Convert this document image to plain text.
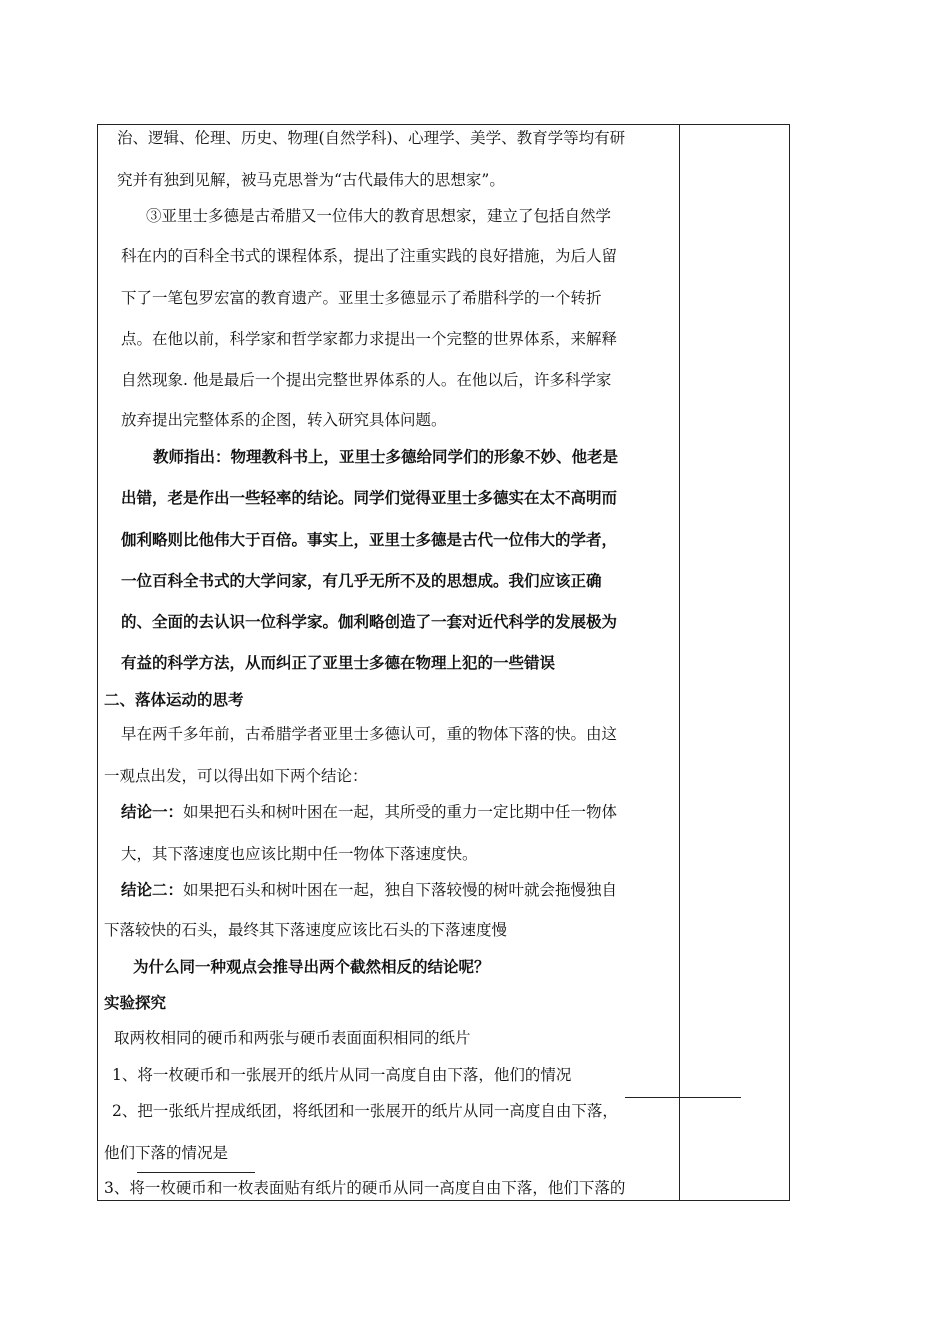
治、逻辑、伦理、历史、物理(自然学科)、心理学、美学、教育学等均有研
究并有独到见解，被马克思誉为“古代最伟大的思想家”。
③亚里士多德是古希腊又一位伟大的教育思想家，建立了包括自然学
科在内的百科全书式的课程体系，提出了注重实践的良好措施，为后人留
下了一笔包罗宏富的教育遗产。亚里士多德显示了希腊科学的一个转折
点。在他以前，科学家和哲学家都力求提出一个完整的世界体系，来解释
自然现象. 他是最后一个提出完整世界体系的人。在他以后，许多科学家
放弃提出完整体系的企图，转入研究具体问题。
教师指出：物理教科书上，亚里士多德给同学们的形象不妙、他老是
出错，老是作出一些轻率的结论。同学们觉得亚里士多德实在太不高明而
伽利略则比他伟大于百倍。事实上，亚里士多德是古代一位伟大的学者，
一位百科全书式的大学问家，有几乎无所不及的思想成。我们应该正确
的、全面的去认识一位科学家。伽利略创造了一套对近代科学的发展极为
有益的科学方法，从而纠正了亚里士多德在物理上犯的一些错误
二、落体运动的思考
早在两千多年前，古希腊学者亚里士多德认可，重的物体下落的快。由这
一观点出发，可以得出如下两个结论：
结论一：如果把石头和树叶困在一起，其所受的重力一定比期中任一物体
大，其下落速度也应该比期中任一物体下落速度快。
结论二：如果把石头和树叶困在一起，独自下落较慢的树叶就会拖慢独自
下落较快的石头，最终其下落速度应该比石头的下落速度慢
为什么同一种观点会推导出两个截然相反的结论呢？
实验探究
取两枚相同的硬币和两张与硬币表面面积相同的纸片
1、将一枚硬币和一张展开的纸片从同一高度自由下落，他们的情况
2、把一张纸片捏成纸团，将纸团和一张展开的纸片从同一高度自由下落，
他们下落的情况是
3、将一枚硬币和一枚表面贴有纸片的硬币从同一高度自由下落，他们下落的
